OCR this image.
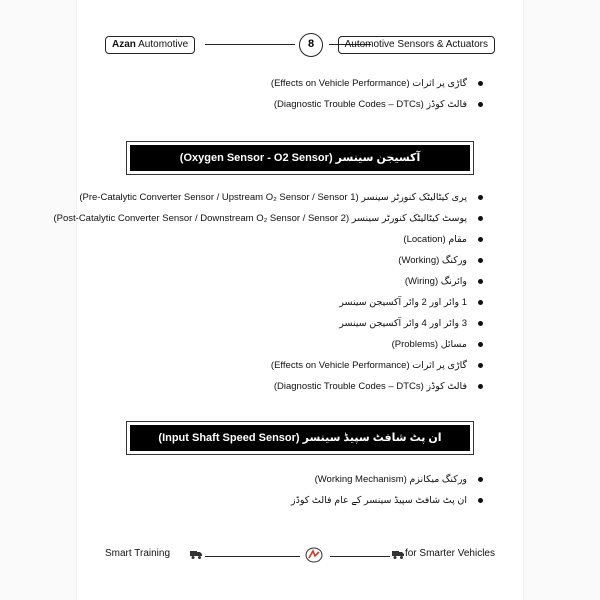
Azan Automotive	8	Automotive Sensors & Actuators
گاڑی پر اثرات (Effects on Vehicle Performance)
فالٹ کوڈز (Diagnostic Trouble Codes – DTCs)
آکسیجن سینسر (Oxygen Sensor - O2 Sensor)
پری کیٹالیٹک کنورٹر سینسر (Pre-Catalytic Converter Sensor / Upstream O₂ Sensor / Sensor 1)
پوسٹ کیٹالیٹک کنورٹر سینسر (Post-Catalytic Converter Sensor / Downstream O₂ Sensor / Sensor 2)
مقام (Location)
ورکنگ (Working)
وائرنگ (Wiring)
1 وائر اور 2 وائر آکسیجن سینسر
3 وائر اور 4 وائر آکسیجن سینسر
مسائل (Problems)
گاڑی پر اثرات (Effects on Vehicle Performance)
فالٹ کوڈز (Diagnostic Trouble Codes – DTCs)
ان پٹ شافٹ سپیڈ سینسر (Input Shaft Speed Sensor)
ورکنگ میکانزم (Working Mechanism)
ان پٹ شافٹ سپیڈ سینسر کے عام فالٹ کوڈز
Smart Training	for Smarter Vehicles
